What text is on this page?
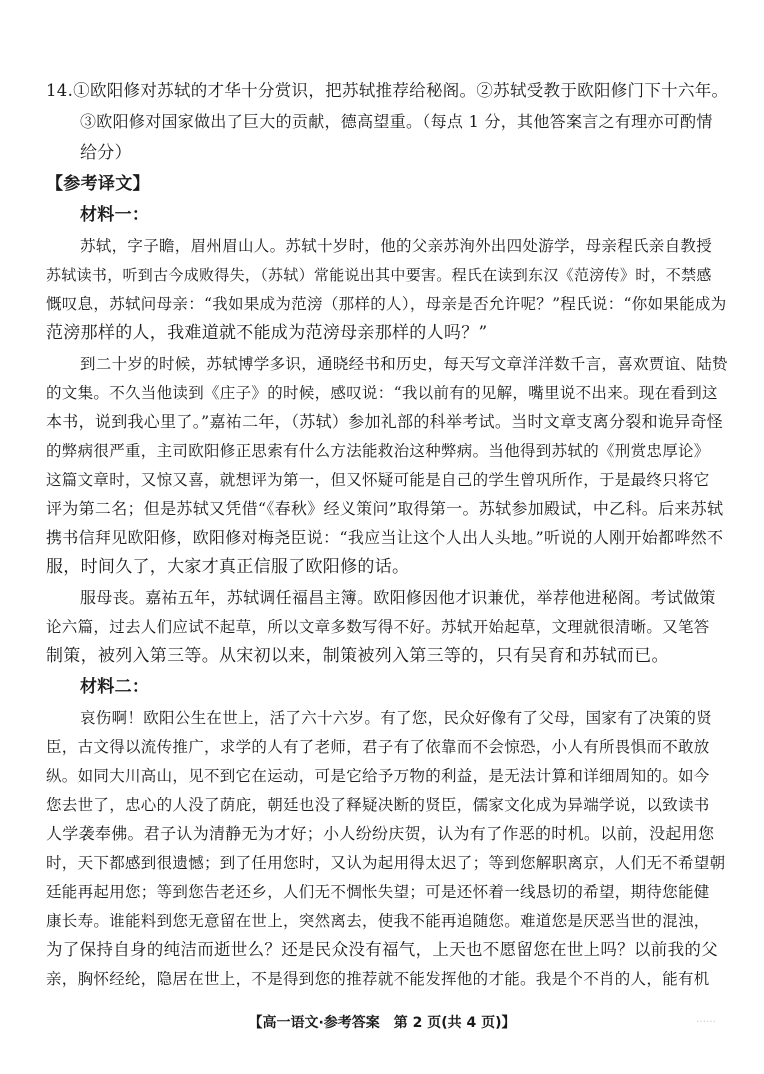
14.①欧阳修对苏轼的才华十分赏识，把苏轼推荐给秘阁。②苏轼受教于欧阳修门下十六年。
③欧阳修对国家做出了巨大的贡献，德高望重。（每点 1 分，其他答案言之有理亦可酌情
给分）
【参考译文】
材料一：
苏轼，字子瞻，眉州眉山人。苏轼十岁时，他的父亲苏洵外出四处游学，母亲程氏亲自教授
苏轼读书，听到古今成败得失，（苏轼）常能说出其中要害。程氏在读到东汉《范滂传》时，不禁感
慨叹息，苏轼问母亲：“我如果成为范滂（那样的人），母亲是否允许呢？”程氏说：“你如果能成为
范滂那样的人，我难道就不能成为范滂母亲那样的人吗？”
到二十岁的时候，苏轼博学多识，通晓经书和历史，每天写文章洋洋数千言，喜欢贾谊、陆贽
的文集。不久当他读到《庄子》的时候，感叹说：“我以前有的见解，嘴里说不出来。现在看到这
本书，说到我心里了。”嘉祐二年，（苏轼）参加礼部的科举考试。当时文章支离分裂和诡异奇怪
的弊病很严重，主司欧阳修正思索有什么方法能救治这种弊病。当他得到苏轼的《刑赏忠厚论》
这篇文章时，又惊又喜，就想评为第一，但又怀疑可能是自己的学生曾巩所作，于是最终只将它
评为第二名；但是苏轼又凭借“《春秋》经义策问”取得第一。苏轼参加殿试，中乙科。后来苏轼
携书信拜见欧阳修，欧阳修对梅尧臣说：“我应当让这个人出人头地。”听说的人刚开始都哗然不
服，时间久了，大家才真正信服了欧阳修的话。
服母丧。嘉祐五年，苏轼调任福昌主簿。欧阳修因他才识兼优，举荐他进秘阁。考试做策
论六篇，过去人们应试不起草，所以文章多数写得不好。苏轼开始起草，文理就很清晰。又笔答
制策，被列入第三等。从宋初以来，制策被列入第三等的，只有吴育和苏轼而已。
材料二：
哀伤啊！欧阳公生在世上，活了六十六岁。有了您，民众好像有了父母，国家有了决策的贤
臣，古文得以流传推广，求学的人有了老师，君子有了依靠而不会惊恐，小人有所畏惧而不敢放
纵。如同大川高山，见不到它在运动，可是它给予万物的利益，是无法计算和详细周知的。如今
您去世了，忠心的人没了荫庇，朝廷也没了释疑决断的贤臣，儒家文化成为异端学说，以致读书
人学袭奉佛。君子认为清静无为才好；小人纷纷庆贺，认为有了作恶的时机。以前，没起用您
时，天下都感到很遗憾；到了任用您时，又认为起用得太迟了；等到您解职离京，人们无不希望朝
廷能再起用您；等到您告老还乡，人们无不惆怅失望；可是还怀着一线恳切的希望，期待您能健
康长寿。谁能料到您无意留在世上，突然离去，使我不能再追随您。难道您是厌恶当世的混浊，
为了保持自身的纯洁而逝世么？还是民众没有福气，上天也不愿留您在世上吗？以前我的父
亲，胸怀经纶，隐居在世上，不是得到您的推荐就不能发挥他的才能。我是个不肖的人，能有机
【高一语文·参考答案　第 2 页(共 4 页)】	……
